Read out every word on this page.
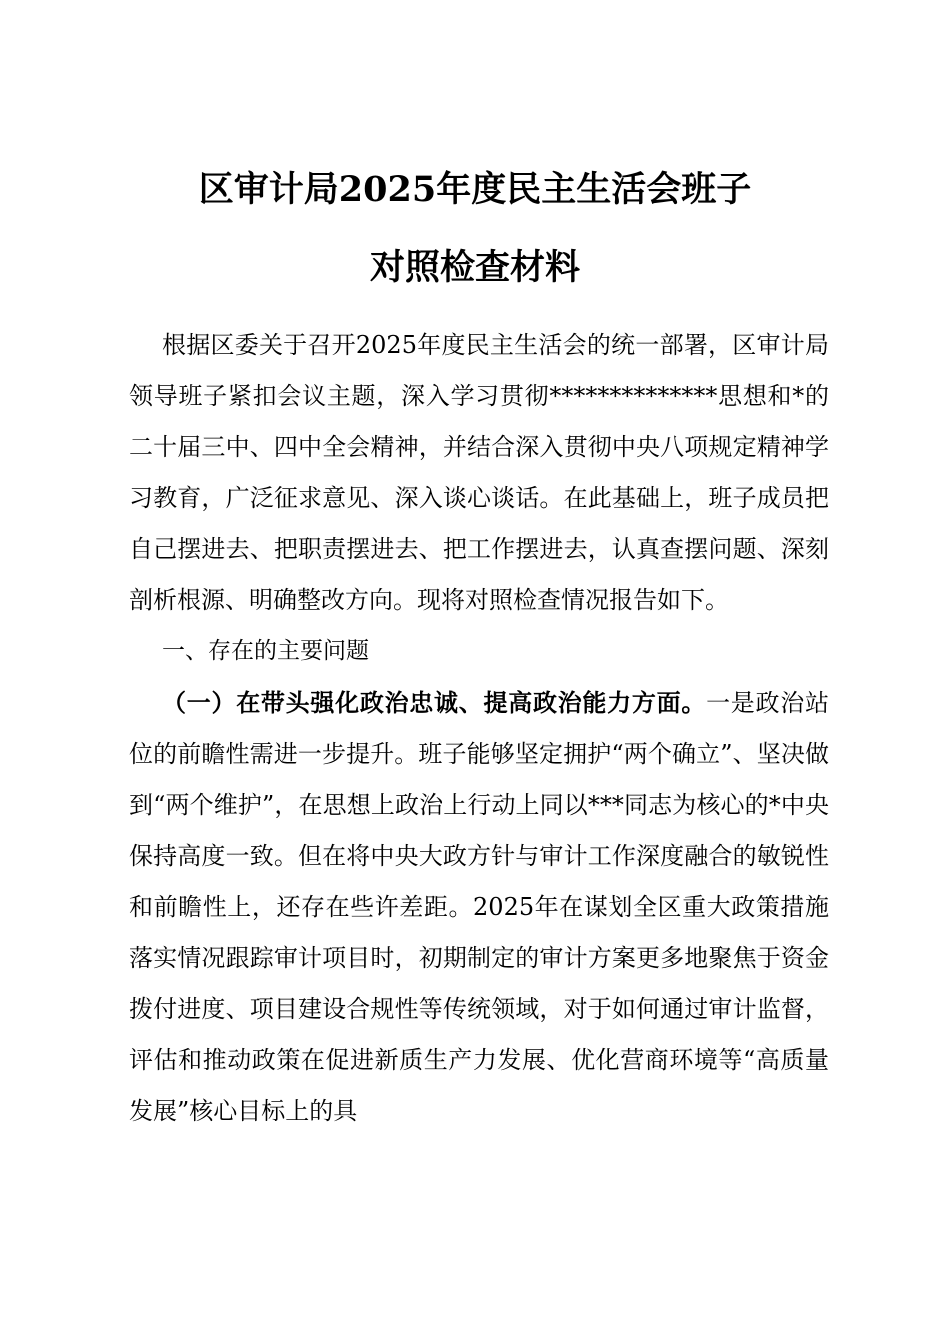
区审计局2025年度民主生活会班子
对照检查材料

根据区委关于召开2025年度民主生活会的统一部署，区审计局领导班子紧扣会议主题，深入学习贯彻**************思想和*的二十届三中、四中全会精神，并结合深入贯彻中央八项规定精神学习教育，广泛征求意见、深入谈心谈话。在此基础上，班子成员把自己摆进去、把职责摆进去、把工作摆进去，认真查摆问题、深刻剖析根源、明确整改方向。现将对照检查情况报告如下。

一、存在的主要问题

（一）在带头强化政治忠诚、提高政治能力方面。一是政治站位的前瞻性需进一步提升。班子能够坚定拥护“两个确立”、坚决做到“两个维护”，在思想上政治上行动上同以***同志为核心的*中央保持高度一致。但在将中央大政方针与审计工作深度融合的敏锐性和前瞻性上，还存在些许差距。2025年在谋划全区重大政策措施落实情况跟踪审计项目时，初期制定的审计方案更多地聚焦于资金拨付进度、项目建设合规性等传统领域，对于如何通过审计监督，评估和推动政策在促进新质生产力发展、优化营商环境等“高质量发展”核心目标上的具
